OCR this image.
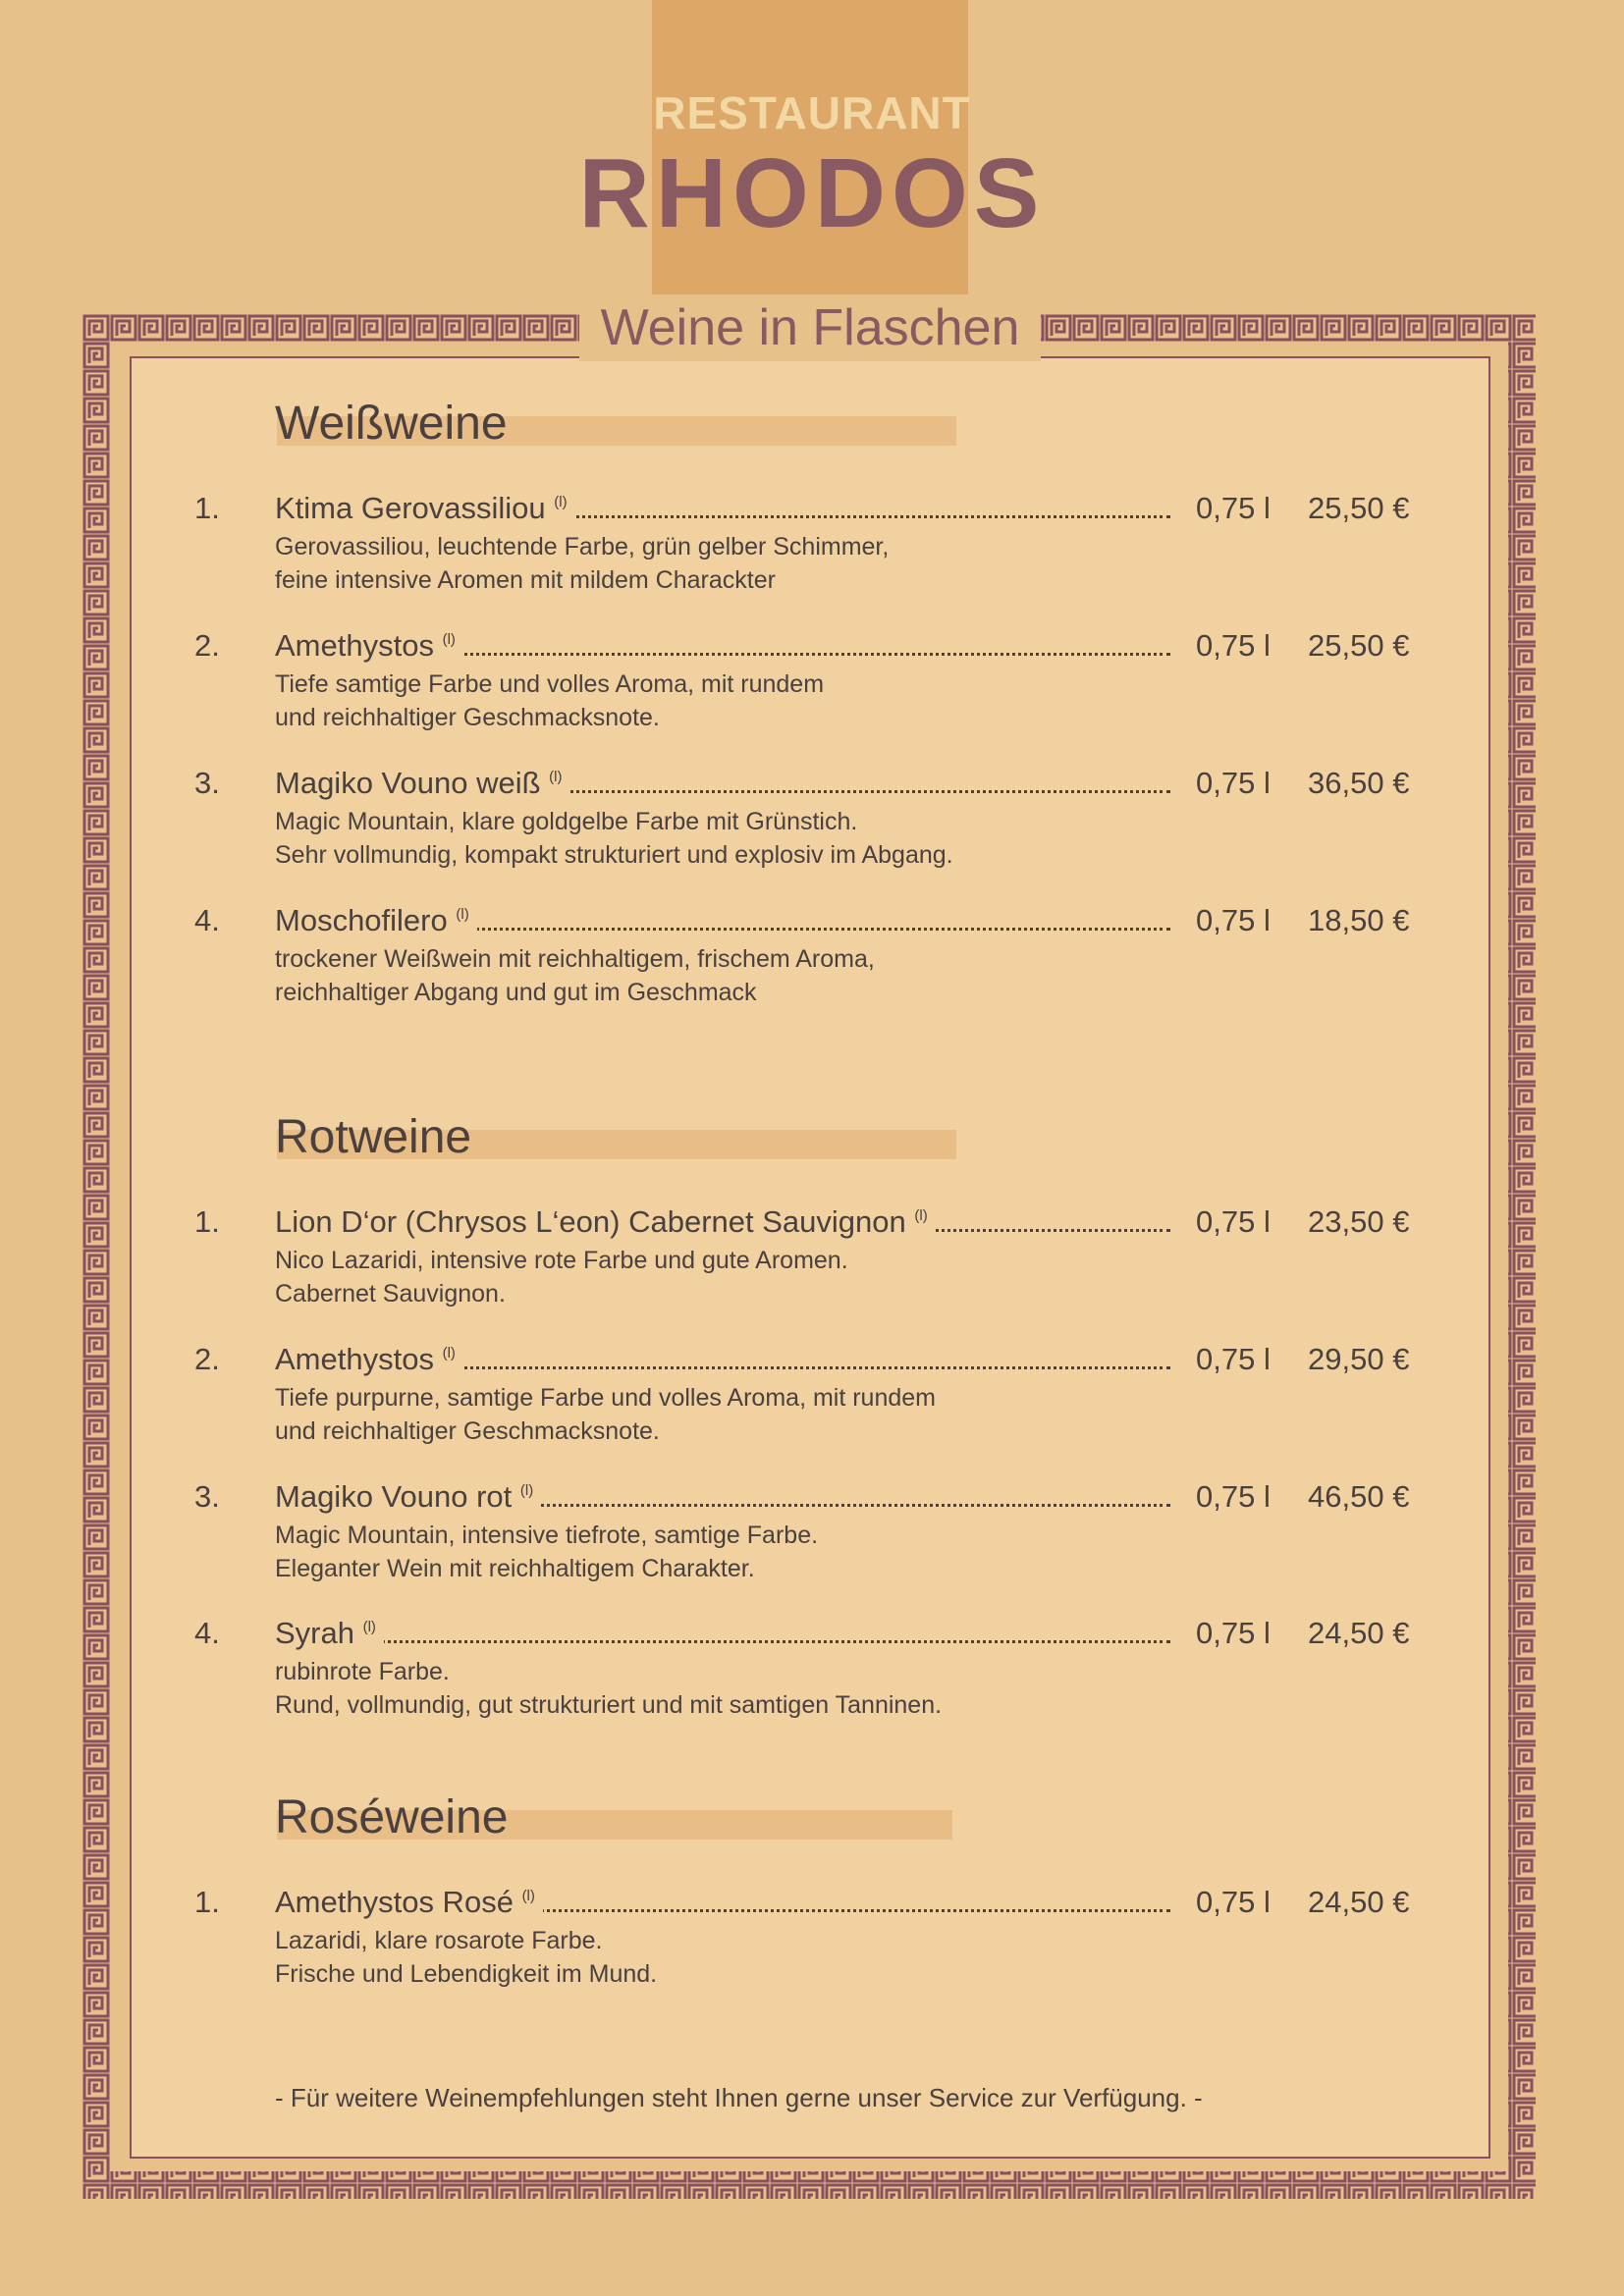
RESTAURANT
RHODOS
Weine in Flaschen
Weißweine
1. Ktima Gerovassiliou $^{(l)}$	0,75 l 25,50 €
Gerovassiliou, leuchtende Farbe, grün gelber Schimmer,
feine intensive Aromen mit mildem Charackter
2. Amethystos $^{(l)}$	0,75 l 25,50 €
Tiefe samtige Farbe und volles Aroma, mit rundem
und reichhaltiger Geschmacksnote.
3. Magiko Vouno weiß $^{(l)}$	0,75 l 36,50 €
Magic Mountain, klare goldgelbe Farbe mit Grünstich.
Sehr vollmundig, kompakt strukturiert und explosiv im Abgang.
4. Moschofilero $^{(l)}$	0,75 l 18,50 €
trockener Weißwein mit reichhaltigem, frischem Aroma,
reichhaltiger Abgang und gut im Geschmack
Rotweine
1. Lion D‘or (Chrysos L‘eon) Cabernet Sauvignon $^{(l)}$	0,75 l 23,50 €
Nico Lazaridi, intensive rote Farbe und gute Aromen.
Cabernet Sauvignon.
2. Amethystos $^{(l)}$	0,75 l 29,50 €
Tiefe purpurne, samtige Farbe und volles Aroma, mit rundem
und reichhaltiger Geschmacksnote.
3. Magiko Vouno rot $^{(l)}$	0,75 l 46,50 €
Magic Mountain, intensive tiefrote, samtige Farbe.
Eleganter Wein mit reichhaltigem Charakter.
4. Syrah $^{(l)}$	0,75 l 24,50 €
rubinrote Farbe.
Rund, vollmundig, gut strukturiert und mit samtigen Tanninen.
Roséweine
1. Amethystos Rosé $^{(l)}$	0,75 l 24,50 €
Lazaridi, klare rosarote Farbe.
Frische und Lebendigkeit im Mund.
- Für weitere Weinempfehlungen steht Ihnen gerne unser Service zur Verfügung. -
